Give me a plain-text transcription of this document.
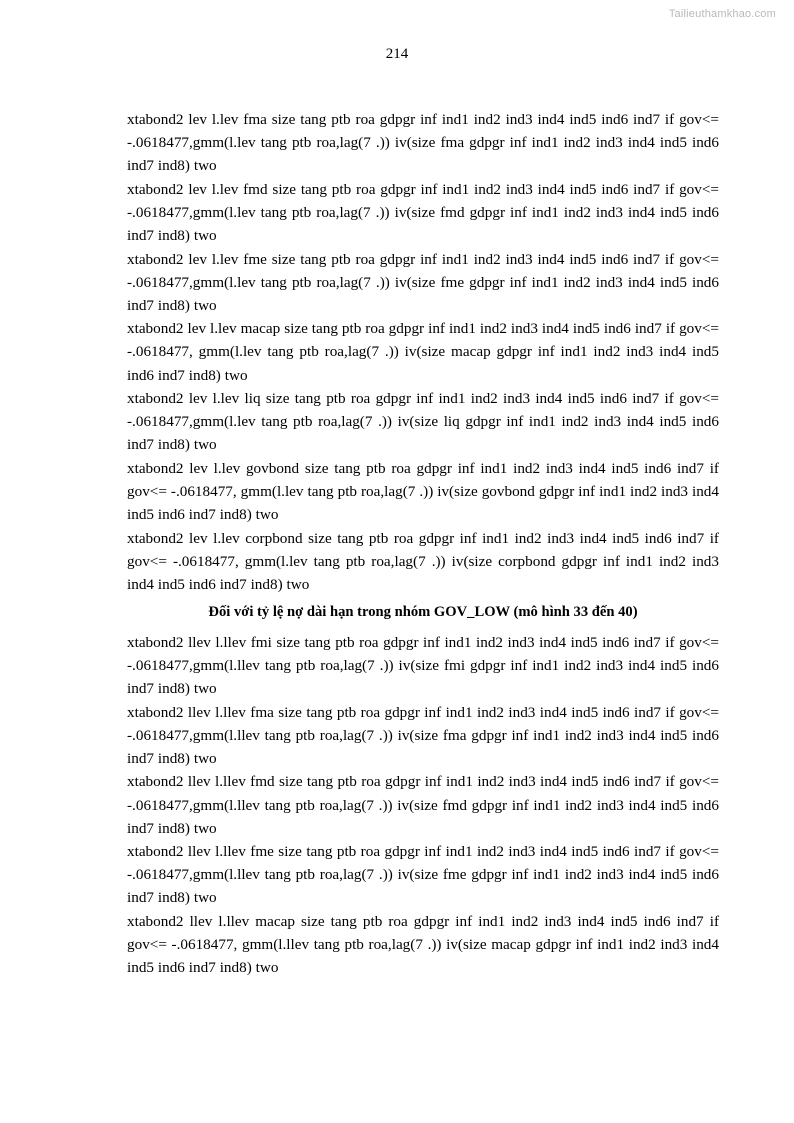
Tailieuthamkhao.com
214

xtabond2 lev l.lev fma size tang ptb roa gdpgr inf ind1 ind2 ind3 ind4 ind5 ind6 ind7 if gov<= -.0618477,gmm(l.lev tang ptb roa,lag(7 .)) iv(size fma gdpgr inf ind1 ind2 ind3 ind4 ind5 ind6 ind7 ind8) two

xtabond2 lev l.lev fmd size tang ptb roa gdpgr inf ind1 ind2 ind3 ind4 ind5 ind6 ind7 if gov<= -.0618477,gmm(l.lev tang ptb roa,lag(7 .)) iv(size fmd gdpgr inf ind1 ind2 ind3 ind4 ind5 ind6 ind7 ind8) two

xtabond2 lev l.lev fme size tang ptb roa gdpgr inf ind1 ind2 ind3 ind4 ind5 ind6 ind7 if gov<= -.0618477,gmm(l.lev tang ptb roa,lag(7 .)) iv(size fme gdpgr inf ind1 ind2 ind3 ind4 ind5 ind6 ind7 ind8) two

xtabond2 lev l.lev macap size tang ptb roa gdpgr inf ind1 ind2 ind3 ind4 ind5 ind6 ind7 if gov<= -.0618477, gmm(l.lev tang ptb roa,lag(7 .)) iv(size macap gdpgr inf ind1 ind2 ind3 ind4 ind5 ind6 ind7 ind8) two

xtabond2 lev l.lev liq size tang ptb roa gdpgr inf ind1 ind2 ind3 ind4 ind5 ind6 ind7 if gov<= -.0618477,gmm(l.lev tang ptb roa,lag(7 .)) iv(size liq gdpgr inf ind1 ind2 ind3 ind4 ind5 ind6 ind7 ind8) two

xtabond2 lev l.lev govbond size tang ptb roa gdpgr inf ind1 ind2 ind3 ind4 ind5 ind6 ind7 if gov<= -.0618477, gmm(l.lev tang ptb roa,lag(7 .)) iv(size govbond gdpgr inf ind1 ind2 ind3 ind4 ind5 ind6 ind7 ind8) two

xtabond2 lev l.lev corpbond size tang ptb roa gdpgr inf ind1 ind2 ind3 ind4 ind5 ind6 ind7 if gov<= -.0618477, gmm(l.lev tang ptb roa,lag(7 .)) iv(size corpbond gdpgr inf ind1 ind2 ind3 ind4 ind5 ind6 ind7 ind8) two

Đối với tỷ lệ nợ dài hạn trong nhóm GOV_LOW (mô hình 33 đến 40)

xtabond2 llev l.llev fmi size tang ptb roa gdpgr inf ind1 ind2 ind3 ind4 ind5 ind6 ind7 if gov<= -.0618477,gmm(l.llev tang ptb roa,lag(7 .)) iv(size fmi gdpgr inf ind1 ind2 ind3 ind4 ind5 ind6 ind7 ind8) two

xtabond2 llev l.llev fma size tang ptb roa gdpgr inf ind1 ind2 ind3 ind4 ind5 ind6 ind7 if gov<= -.0618477,gmm(l.llev tang ptb roa,lag(7 .)) iv(size fma gdpgr inf ind1 ind2 ind3 ind4 ind5 ind6 ind7 ind8) two

xtabond2 llev l.llev fmd size tang ptb roa gdpgr inf ind1 ind2 ind3 ind4 ind5 ind6 ind7 if gov<= -.0618477,gmm(l.llev tang ptb roa,lag(7 .)) iv(size fmd gdpgr inf ind1 ind2 ind3 ind4 ind5 ind6 ind7 ind8) two

xtabond2 llev l.llev fme size tang ptb roa gdpgr inf ind1 ind2 ind3 ind4 ind5 ind6 ind7 if gov<= -.0618477,gmm(l.llev tang ptb roa,lag(7 .)) iv(size fme gdpgr inf ind1 ind2 ind3 ind4 ind5 ind6 ind7 ind8) two

xtabond2 llev l.llev macap size tang ptb roa gdpgr inf ind1 ind2 ind3 ind4 ind5 ind6 ind7 if gov<= -.0618477, gmm(l.llev tang ptb roa,lag(7 .)) iv(size macap gdpgr inf ind1 ind2 ind3 ind4 ind5 ind6 ind7 ind8) two
